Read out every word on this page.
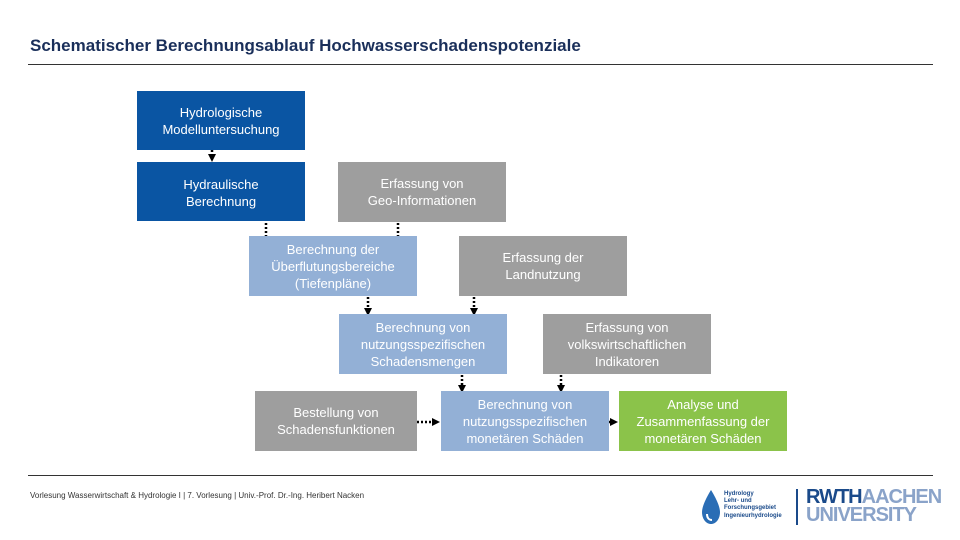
Schematischer Berechnungsablauf Hochwasserschadenspotenziale
Hydrologische
Modelluntersuchung
Hydraulische
Berechnung
Erfassung von
Geo-Informationen
Berechnung der
Überflutungsbereiche
(Tiefenpläne)
Erfassung der
Landnutzung
Berechnung von
nutzungsspezifischen
Schadensmengen
Erfassung von
volkswirtschaftlichen
Indikatoren
Bestellung von
Schadensfunktionen
Berechnung von
nutzungsspezifischen
monetären Schäden
Analyse und
Zusammenfassung der
monetären Schäden
Vorlesung Wasserwirtschaft & Hydrologie I | 7. Vorlesung | Univ.-Prof. Dr.-Ing. Heribert Nacken	Hydrology
Lehr- und
Forschungsgebiet
Ingenieurhydrologie
RWTHAACHEN
UNIVERSITY
